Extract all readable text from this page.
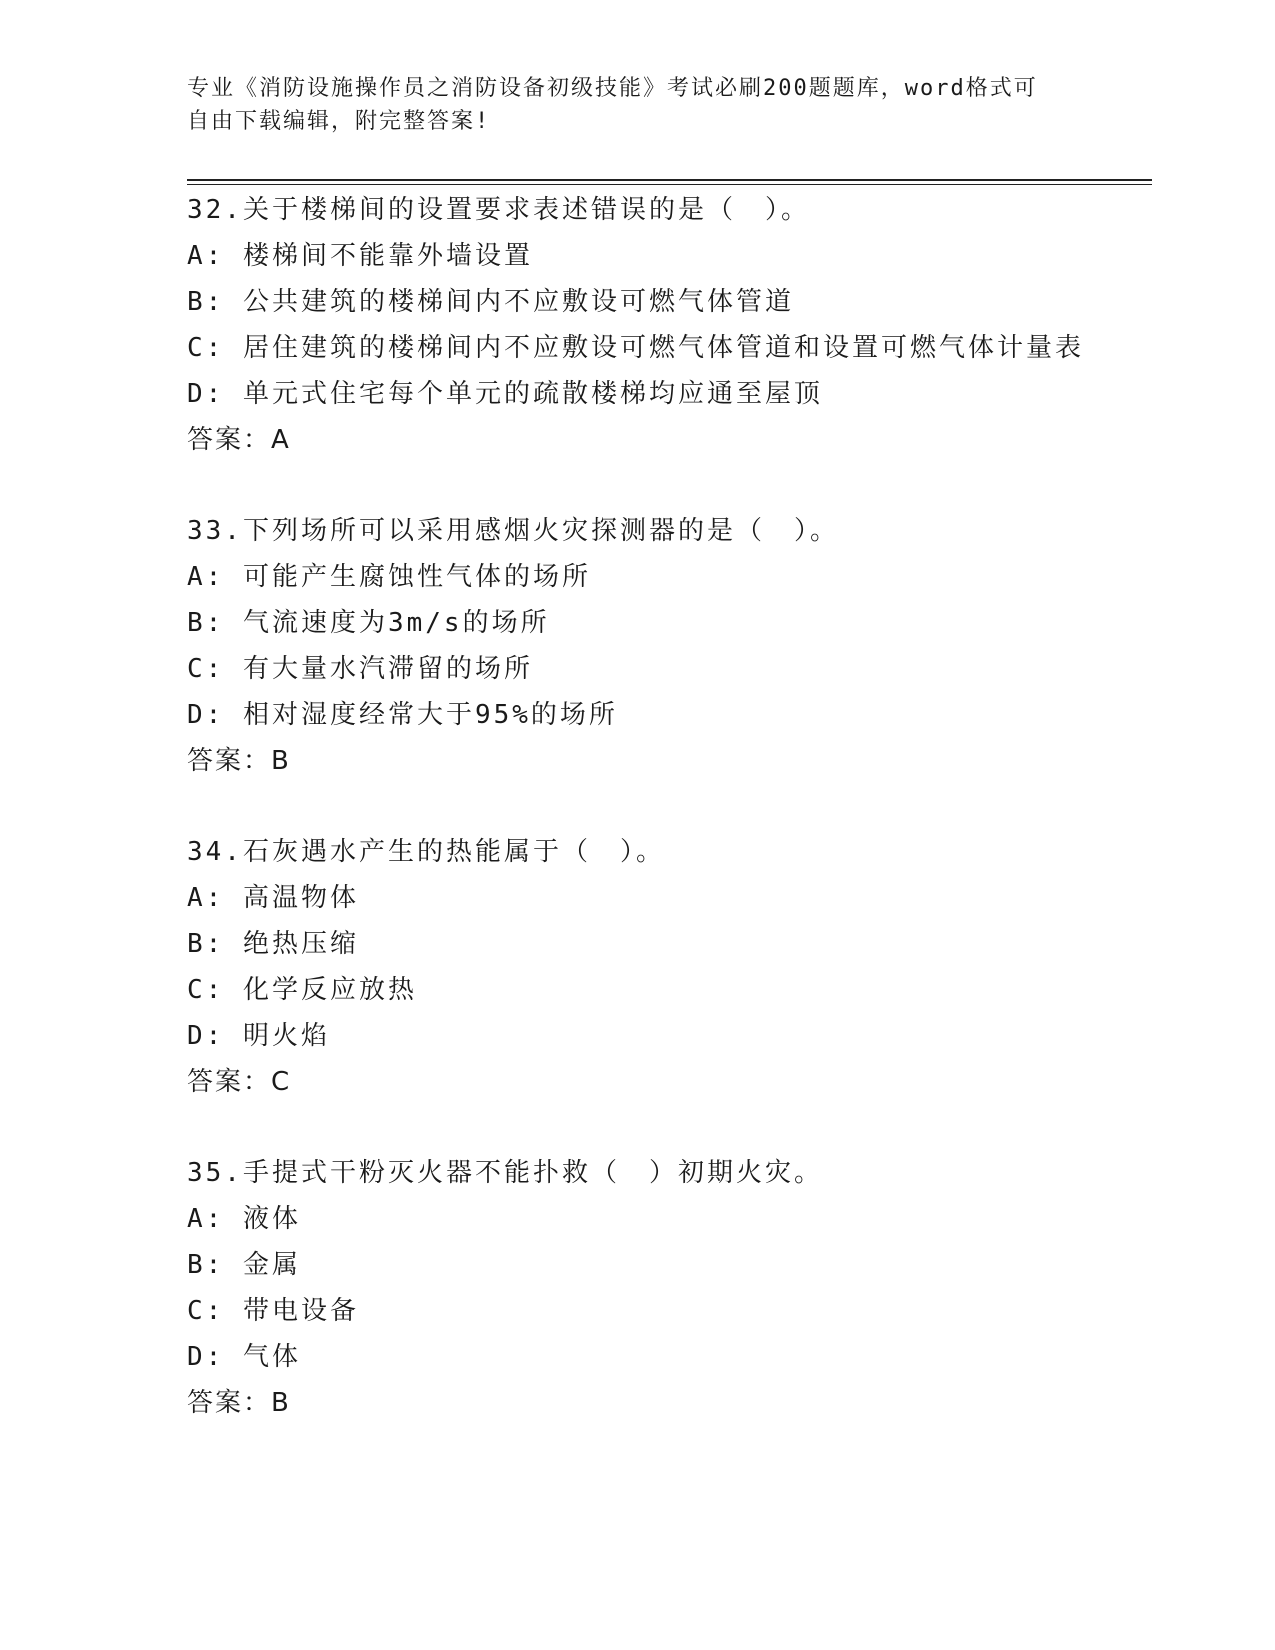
专业《消防设施操作员之消防设备初级技能》考试必刷200题题库，word格式可
自由下载编辑，附完整答案!
32.关于楼梯间的设置要求表述错误的是（　）。
A: 楼梯间不能靠外墙设置
B: 公共建筑的楼梯间内不应敷设可燃气体管道
C: 居住建筑的楼梯间内不应敷设可燃气体管道和设置可燃气体计量表
D: 单元式住宅每个单元的疏散楼梯均应通至屋顶
答案：A
33.下列场所可以采用感烟火灾探测器的是（　）。
A: 可能产生腐蚀性气体的场所
B: 气流速度为3m/s的场所
C: 有大量水汽滞留的场所
D: 相对湿度经常大于95%的场所
答案：B
34.石灰遇水产生的热能属于（　）。
A: 高温物体
B: 绝热压缩
C: 化学反应放热
D: 明火焰
答案：C
35.手提式干粉灭火器不能扑救（　）初期火灾。
A: 液体
B: 金属
C: 带电设备
D: 气体
答案：B
